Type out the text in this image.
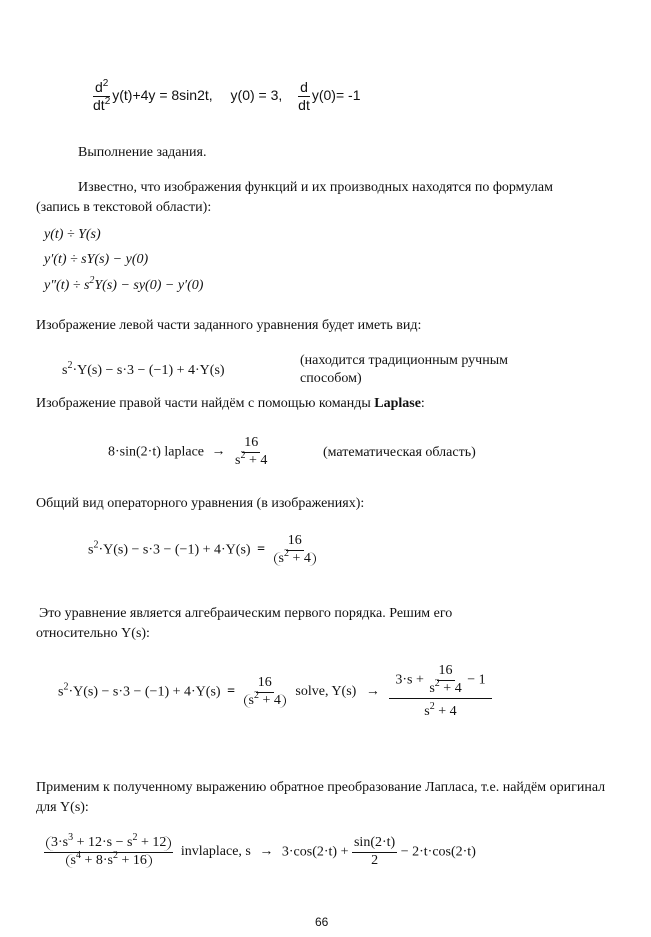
$\frac{d^2}{dt^2} y(t)+4y = 8\sin 2t$, y(0) = 3, $\frac{d}{dt} y(0)= -1$
Выполнение задания.
Известно, что изображения функций и их производных находятся по формулам (запись в текстовой области):
y(t) ÷ Y(s)
y′(t) ÷ sY(s) − y(0)
$y''(t) \div s^2Y(s) - sy(0) - y'(0)$
Изображение левой части заданного уравнения будет иметь вид:
$s^2\cdot Y(s) - s\cdot 3 - (-1) + 4\cdot Y(s)$
(находится традиционным ручным способом)
Изображение правой части найдём с помощью команды Laplase:
8·sin(2·t) laplace → $\frac{16}{s^2 + 4}$	(математическая область)
Общий вид операторного уравнения (в изображениях):
$s^2\cdot Y(s) - s\cdot 3 - (-1) + 4\cdot Y(s) = \frac{16}{s^2 + 4}$
Это уравнение является алгебраическим первого порядка. Решим его относительно Y(s):
$s^2\cdot Y(s) - s\cdot 3 - (-1) + 4\cdot Y(s) = \frac{16}{s^2 + 4}$ solve, $Y(s) \to \frac{3\cdot s + \frac{16}{s^2 + 4} - 1}{s^2 + 4}$
Применим к полученному выражению обратное преобразование Лапласа, т.е. найдём оригинал для Y(s):
$\frac{3\cdot s^3 + 12\cdot s - s^2 + 12}{s^4 + 8\cdot s^2 + 16}$ invlaplace, $s \to 3\cdot\cos(2\cdot t) + \frac{\sin(2\cdot t)}{2} - 2\cdot t\cdot\cos(2\cdot t)$
66
